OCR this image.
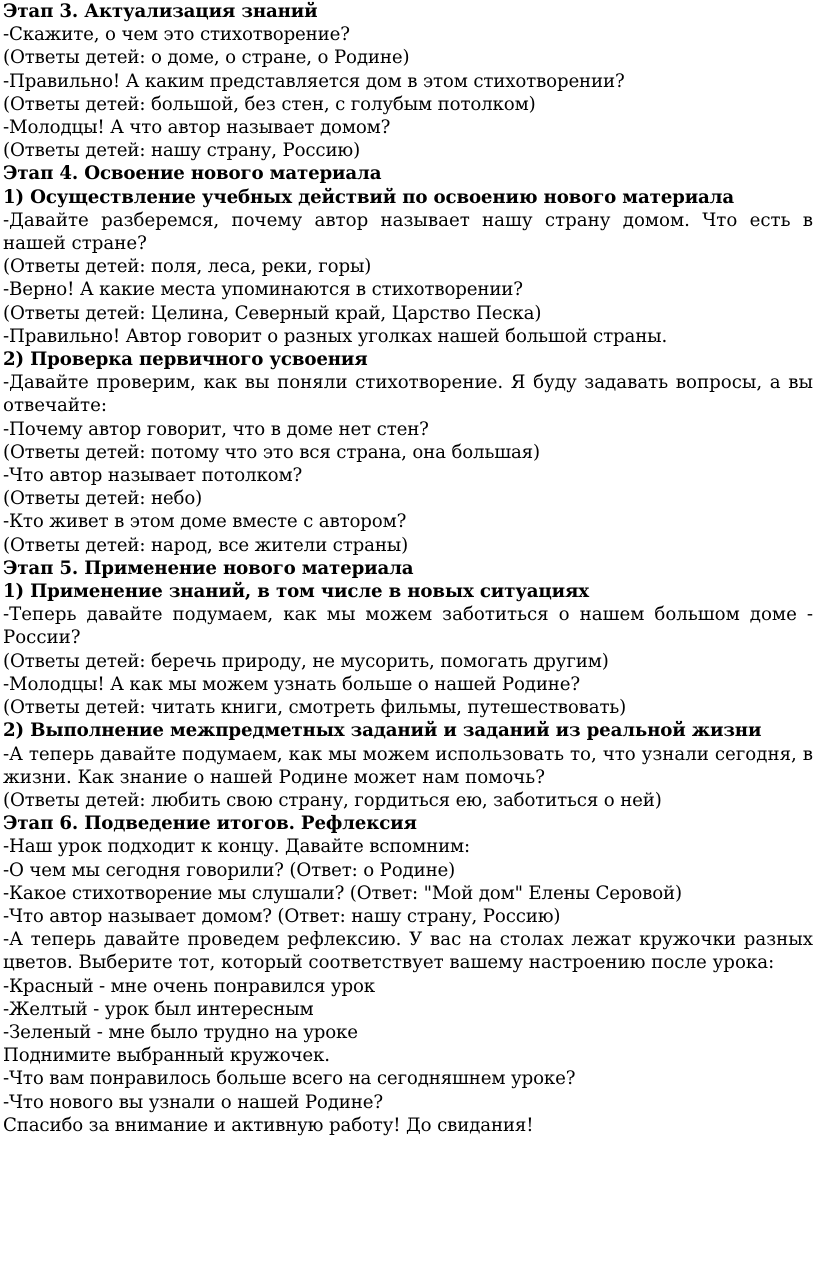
Этап 3. Актуализация знаний
-Скажите, о чем это стихотворение?
(Ответы детей: о доме, о стране, о Родине)
-Правильно! А каким представляется дом в этом стихотворении?
(Ответы детей: большой, без стен, с голубым потолком)
-Молодцы! А что автор называет домом?
(Ответы детей: нашу страну, Россию)
Этап 4. Освоение нового материала
1) Осуществление учебных действий по освоению нового материала
-Давайте разберемся, почему автор называет нашу страну домом. Что есть в нашей стране?
(Ответы детей: поля, леса, реки, горы)
-Верно! А какие места упоминаются в стихотворении?
(Ответы детей: Целина, Северный край, Царство Песка)
-Правильно! Автор говорит о разных уголках нашей большой страны.
2) Проверка первичного усвоения
-Давайте проверим, как вы поняли стихотворение. Я буду задавать вопросы, а вы отвечайте:
-Почему автор говорит, что в доме нет стен?
(Ответы детей: потому что это вся страна, она большая)
-Что автор называет потолком?
(Ответы детей: небо)
-Кто живет в этом доме вместе с автором?
(Ответы детей: народ, все жители страны)
Этап 5. Применение нового материала
1) Применение знаний, в том числе в новых ситуациях
-Теперь давайте подумаем, как мы можем заботиться о нашем большом доме - России?
(Ответы детей: беречь природу, не мусорить, помогать другим)
-Молодцы! А как мы можем узнать больше о нашей Родине?
(Ответы детей: читать книги, смотреть фильмы, путешествовать)
2) Выполнение межпредметных заданий и заданий из реальной жизни
-А теперь давайте подумаем, как мы можем использовать то, что узнали сегодня, в жизни. Как знание о нашей Родине может нам помочь?
(Ответы детей: любить свою страну, гордиться ею, заботиться о ней)
Этап 6. Подведение итогов. Рефлексия
-Наш урок подходит к концу. Давайте вспомним:
-О чем мы сегодня говорили? (Ответ: о Родине)
-Какое стихотворение мы слушали? (Ответ: "Мой дом" Елены Серовой)
-Что автор называет домом? (Ответ: нашу страну, Россию)
-А теперь давайте проведем рефлексию. У вас на столах лежат кружочки разных цветов. Выберите тот, который соответствует вашему настроению после урока:
-Красный - мне очень понравился урок
-Желтый - урок был интересным
-Зеленый - мне было трудно на уроке
Поднимите выбранный кружочек.
-Что вам понравилось больше всего на сегодняшнем уроке?
-Что нового вы узнали о нашей Родине?
Спасибо за внимание и активную работу! До свидания!
